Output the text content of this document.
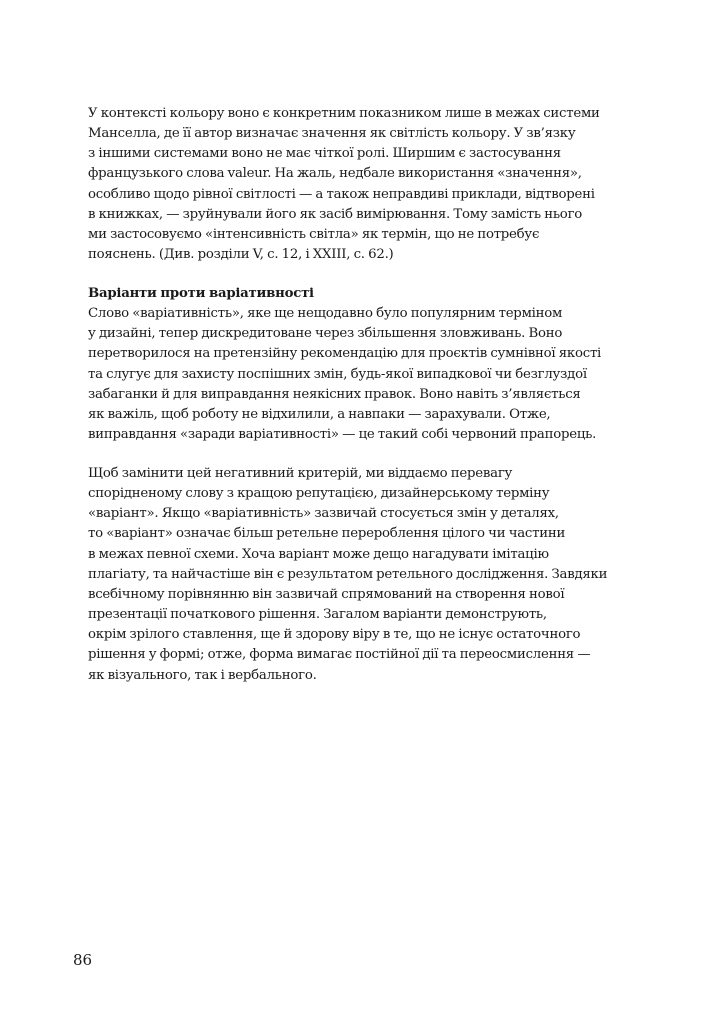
У контексті кольору воно є конкретним показником лише в межах системи
Манселла, де її автор визначає значення як світлість кольору. У зв’язку
з іншими системами воно не має чіткої ролі. Ширшим є застосування
французького слова valeur. На жаль, недбале використання «значення»,
особливо щодо рівної світлості — а також неправдиві приклади, відтворені
в книжках, — зруйнували його як засіб вимірювання. Тому замість нього
ми застосовуємо «інтенсивність світла» як термін, що не потребує
пояснень. (Див. розділи V, с. 12, і XXIII, с. 62.)
Варіанти проти варіативності
Слово «варіативність», яке ще нещодавно було популярним терміном
у дизайні, тепер дискредитоване через збільшення зловживань. Воно
перетворилося на претензійну рекомендацію для проєктів сумнівної якості
та слугує для захисту поспішних змін, будь-якої випадкової чи безглуздої
забаганки й для виправдання неякісних правок. Воно навіть з’являється
як важіль, щоб роботу не відхилили, а навпаки — зарахували. Отже,
виправдання «заради варіативності» — це такий собі червоний прапорець.
Щоб замінити цей негативний критерій, ми віддаємо перевагу
спорідненому слову з кращою репутацією, дизайнерському терміну
«варіант». Якщо «варіативність» зазвичай стосується змін у деталях,
то «варіант» означає більш ретельне перероблення цілого чи частини
в межах певної схеми. Хоча варіант може дещо нагадувати імітацію
плагіату, та найчастіше він є результатом ретельного дослідження. Завдяки
всебічному порівнянню він зазвичай спрямований на створення нової
презентації початкового рішення. Загалом варіанти демонструють,
окрім зрілого ставлення, ще й здорову віру в те, що не існує остаточного
рішення у формі; отже, форма вимагає постійної дії та переосмислення —
як візуального, так і вербального.
86
